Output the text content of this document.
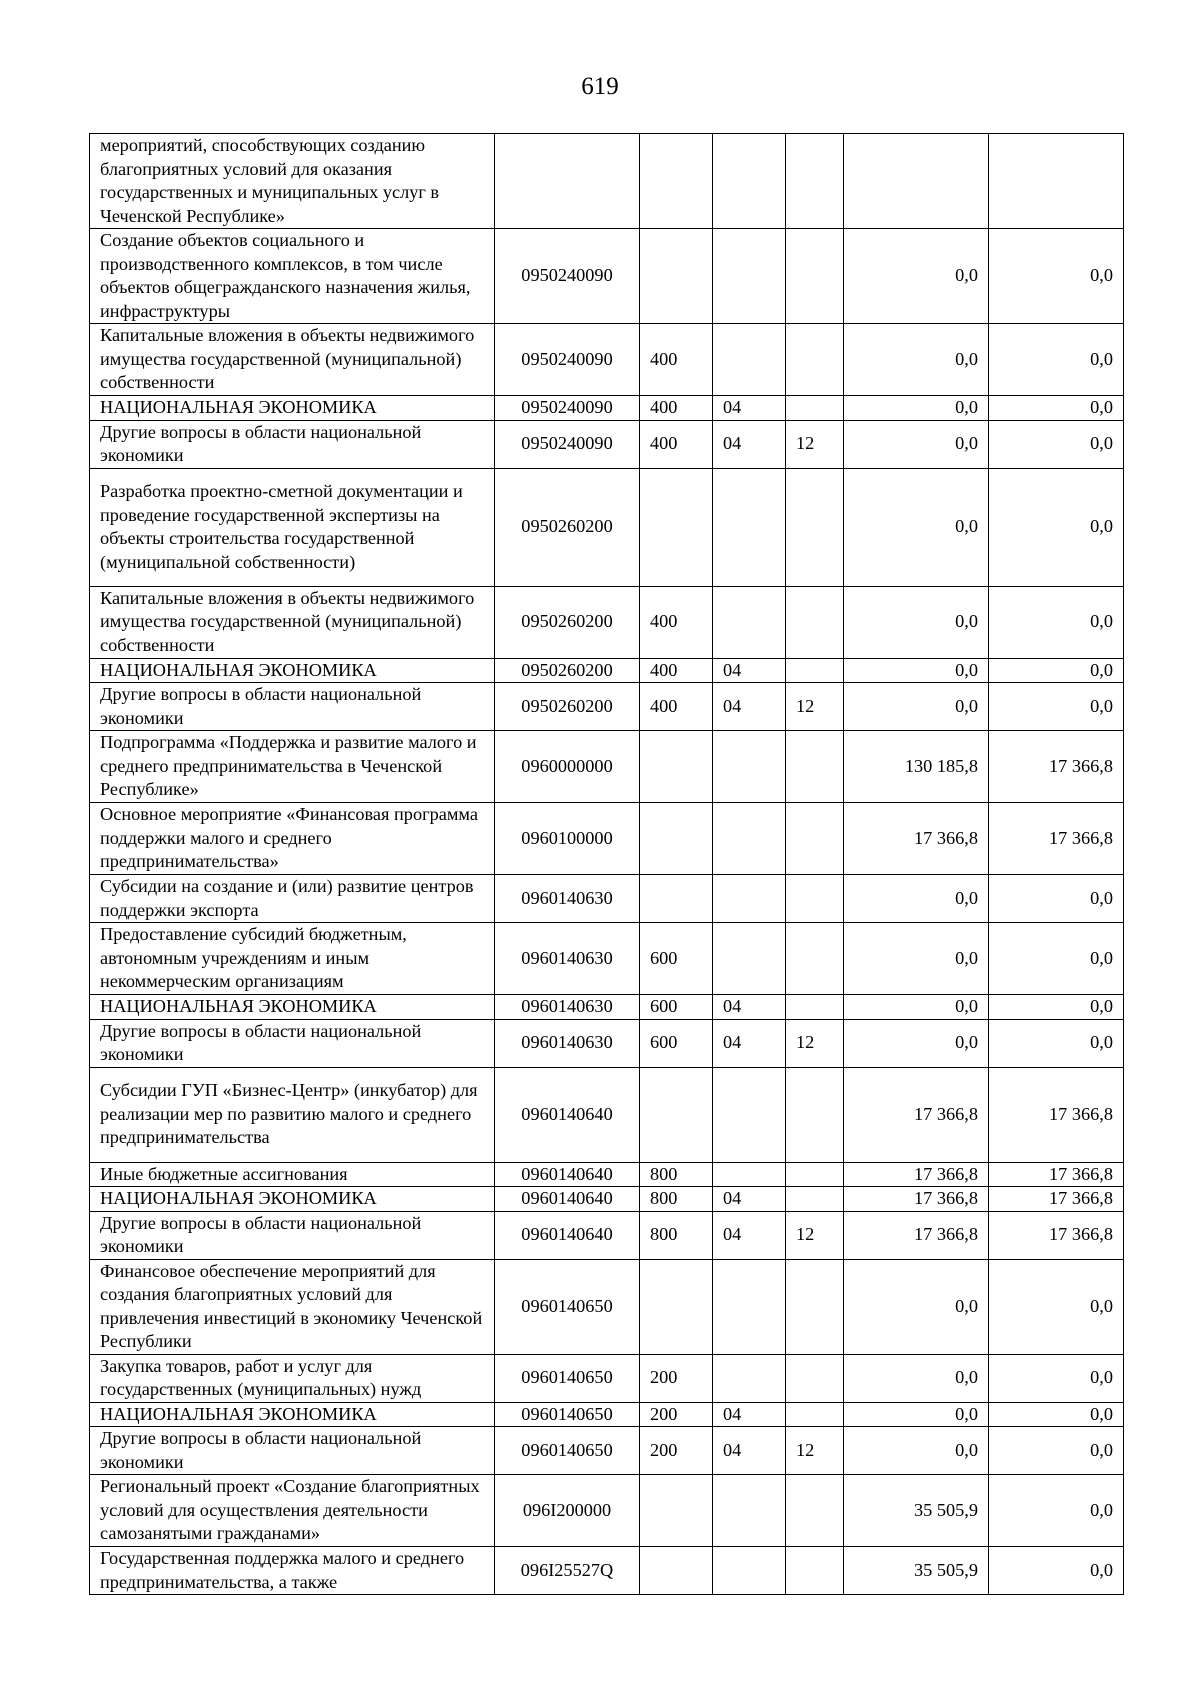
619
мероприятий, способствующих созданию благоприятных условий для оказания государственных и муниципальных услуг в Чеченской Республике»						
Создание объектов социального и производственного комплексов, в том числе объектов общегражданского назначения жилья, инфраструктуры	0950240090				0,0	0,0
Капитальные вложения в объекты недвижимого имущества государственной (муниципальной) собственности	0950240090	400			0,0	0,0
НАЦИОНАЛЬНАЯ ЭКОНОМИКА	0950240090	400	04		0,0	0,0
Другие вопросы в области национальной экономики	0950240090	400	04	12	0,0	0,0
Разработка проектно-сметной документации и проведение государственной экспертизы на объекты строительства государственной (муниципальной собственности)	0950260200				0,0	0,0
Капитальные вложения в объекты недвижимого имущества государственной (муниципальной) собственности	0950260200	400			0,0	0,0
НАЦИОНАЛЬНАЯ ЭКОНОМИКА	0950260200	400	04		0,0	0,0
Другие вопросы в области национальной экономики	0950260200	400	04	12	0,0	0,0
Подпрограмма «Поддержка и развитие малого и среднего предпринимательства в Чеченской Республике»	0960000000				130 185,8	17 366,8
Основное мероприятие «Финансовая программа поддержки малого и среднего предпринимательства»	0960100000				17 366,8	17 366,8
Субсидии на создание и (или) развитие центров поддержки экспорта	0960140630				0,0	0,0
Предоставление субсидий бюджетным, автономным учреждениям и иным некоммерческим организациям	0960140630	600			0,0	0,0
НАЦИОНАЛЬНАЯ ЭКОНОМИКА	0960140630	600	04		0,0	0,0
Другие вопросы в области национальной экономики	0960140630	600	04	12	0,0	0,0
Субсидии ГУП «Бизнес-Центр» (инкубатор) для реализации мер по развитию малого и среднего предпринимательства	0960140640				17 366,8	17 366,8
Иные бюджетные ассигнования	0960140640	800			17 366,8	17 366,8
НАЦИОНАЛЬНАЯ ЭКОНОМИКА	0960140640	800	04		17 366,8	17 366,8
Другие вопросы в области национальной экономики	0960140640	800	04	12	17 366,8	17 366,8
Финансовое обеспечение мероприятий для создания благоприятных условий для привлечения инвестиций в экономику Чеченской Республики	0960140650				0,0	0,0
Закупка товаров, работ и услуг для государственных (муниципальных) нужд	0960140650	200			0,0	0,0
НАЦИОНАЛЬНАЯ ЭКОНОМИКА	0960140650	200	04		0,0	0,0
Другие вопросы в области национальной экономики	0960140650	200	04	12	0,0	0,0
Региональный проект «Создание благоприятных условий для осуществления деятельности самозанятыми гражданами»	096I200000				35 505,9	0,0
Государственная поддержка малого и среднего предпринимательства, а также	096I25527Q				35 505,9	0,0
